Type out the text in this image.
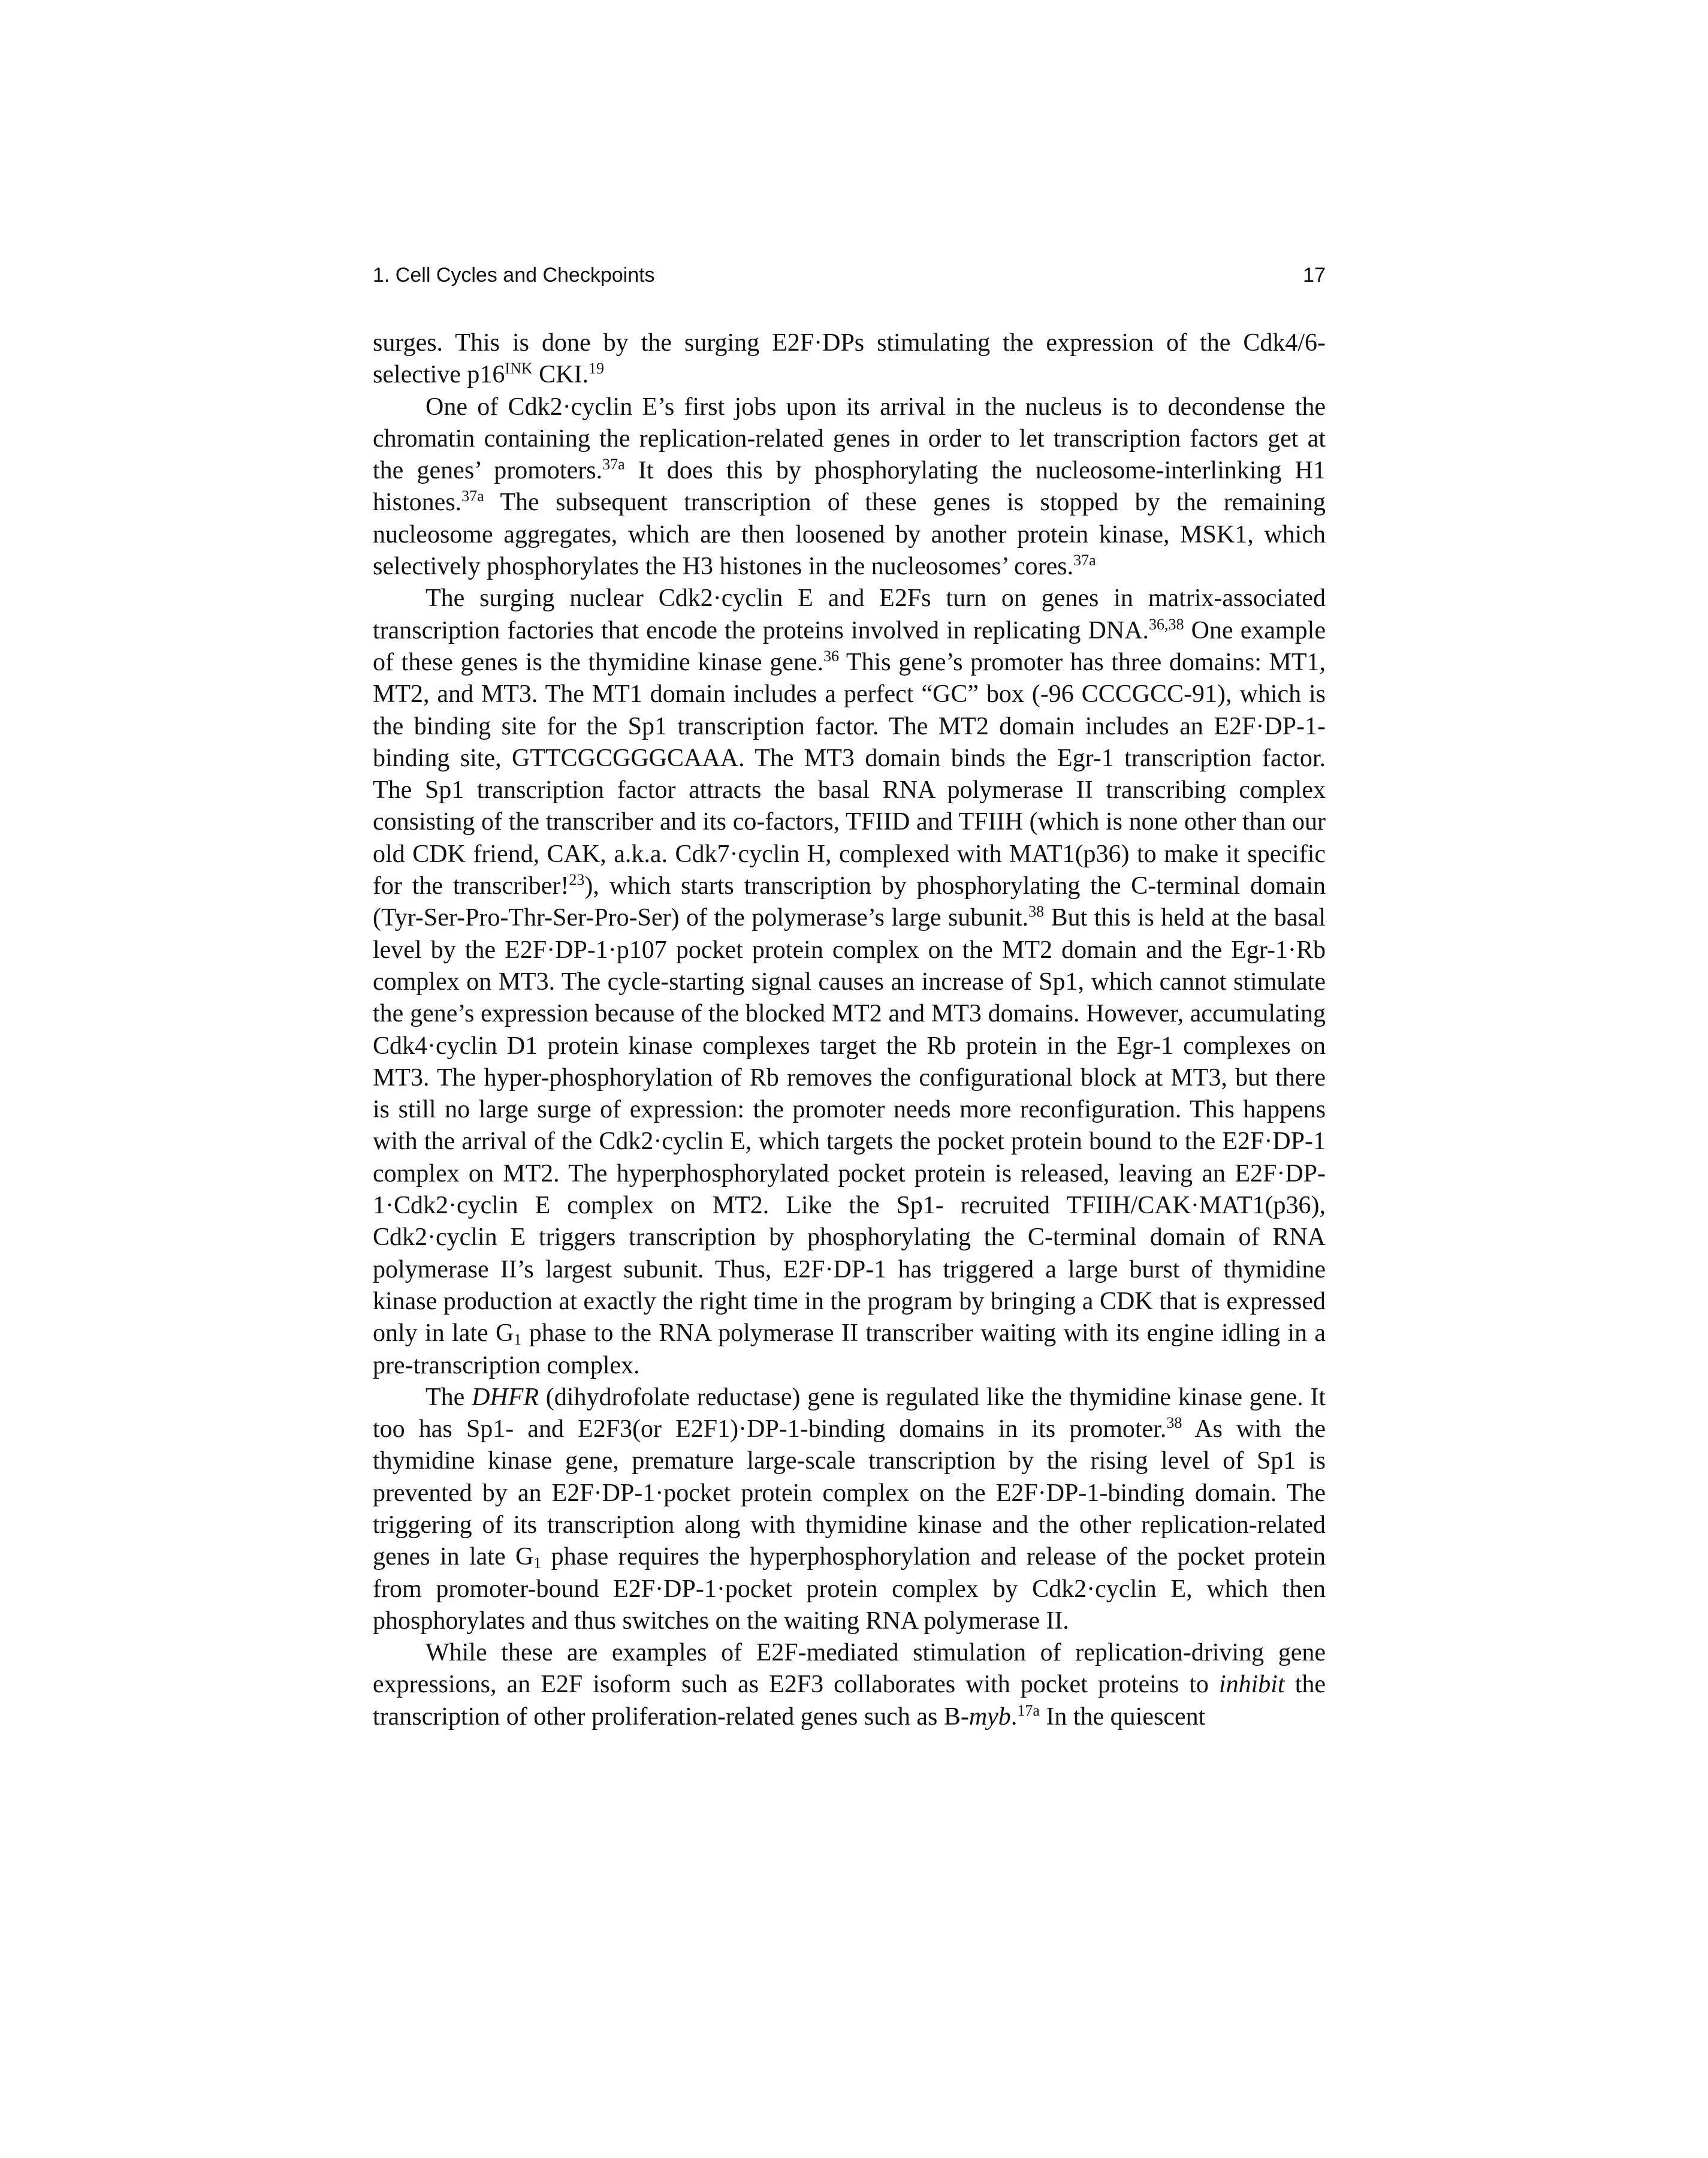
1. Cell Cycles and Checkpoints	17

surges. This is done by the surging E2F·DPs stimulating the expression of the Cdk4/6-selective $p16^{INK}$ CKI.$^{19}$

One of Cdk2·cyclin E’s first jobs upon its arrival in the nucleus is to decondense the chromatin containing the replication-related genes in order to let transcription factors get at the genes’ promoters.$^{37a}$ It does this by phosphorylating the nucleosome-interlinking H1 histones.$^{37a}$ The subsequent transcription of these genes is stopped by the remaining nucleosome aggregates, which are then loosened by another protein kinase, MSK1, which selectively phosphorylates the H3 histones in the nucleosomes’ cores.$^{37a}$

The surging nuclear Cdk2·cyclin E and E2Fs turn on genes in matrix-associated transcription factories that encode the proteins involved in replicating DNA.$^{36,38}$ One example of these genes is the thymidine kinase gene.$^{36}$ This gene’s promoter has three domains: MT1, MT2, and MT3. The MT1 domain includes a perfect “GC” box (-96 CCCGCC-91), which is the binding site for the Sp1 transcription factor. The MT2 domain includes an E2F·DP-1-binding site, GTTCGCGGGCAAA. The MT3 domain binds the Egr-1 transcription factor. The Sp1 transcription factor attracts the basal RNA polymerase II transcribing complex consisting of the transcriber and its co-factors, TFIID and TFIIH (which is none other than our old CDK friend, CAK, a.k.a. Cdk7·cyclin H, complexed with MAT1(p36) to make it specific for the transcriber!$^{23}$), which starts transcription by phosphorylating the C-terminal domain (Tyr-Ser-Pro-Thr-Ser-Pro-Ser) of the polymerase’s large subunit.$^{38}$ But this is held at the basal level by the E2F·DP-1·p107 pocket protein complex on the MT2 domain and the Egr-1·Rb complex on MT3. The cycle-starting signal causes an increase of Sp1, which cannot stimulate the gene’s expression because of the blocked MT2 and MT3 domains. However, accumulating Cdk4·cyclin D1 protein kinase complexes target the Rb protein in the Egr-1 complexes on MT3. The hyper-phosphorylation of Rb removes the configurational block at MT3, but there is still no large surge of expression: the promoter needs more reconfiguration. This happens with the arrival of the Cdk2·cyclin E, which targets the pocket protein bound to the E2F·DP-1 complex on MT2. The hyperphosphorylated pocket protein is released, leaving an E2F·DP-1·Cdk2·cyclin E complex on MT2. Like the Sp1- recruited TFIIH/CAK·MAT1(p36), Cdk2·cyclin E triggers transcription by phosphorylating the C-terminal domain of RNA polymerase II’s largest subunit. Thus, E2F·DP-1 has triggered a large burst of thymidine kinase production at exactly the right time in the program by bringing a CDK that is expressed only in late $G_1$ phase to the RNA polymerase II transcriber waiting with its engine idling in a pre-transcription complex.

The DHFR (dihydrofolate reductase) gene is regulated like the thymidine kinase gene. It too has Sp1- and E2F3(or E2F1)·DP-1-binding domains in its promoter.$^{38}$ As with the thymidine kinase gene, premature large-scale transcription by the rising level of Sp1 is prevented by an E2F·DP-1·pocket protein complex on the E2F·DP-1-binding domain. The triggering of its transcription along with thymidine kinase and the other replication-related genes in late $G_1$ phase requires the hyperphosphorylation and release of the pocket protein from promoter-bound E2F·DP-1·pocket protein complex by Cdk2·cyclin E, which then phosphorylates and thus switches on the waiting RNA polymerase II.

While these are examples of E2F-mediated stimulation of replication-driving gene expressions, an E2F isoform such as E2F3 collaborates with pocket proteins to inhibit the transcription of other proliferation-related genes such as B-myb.$^{17a}$ In the quiescent
